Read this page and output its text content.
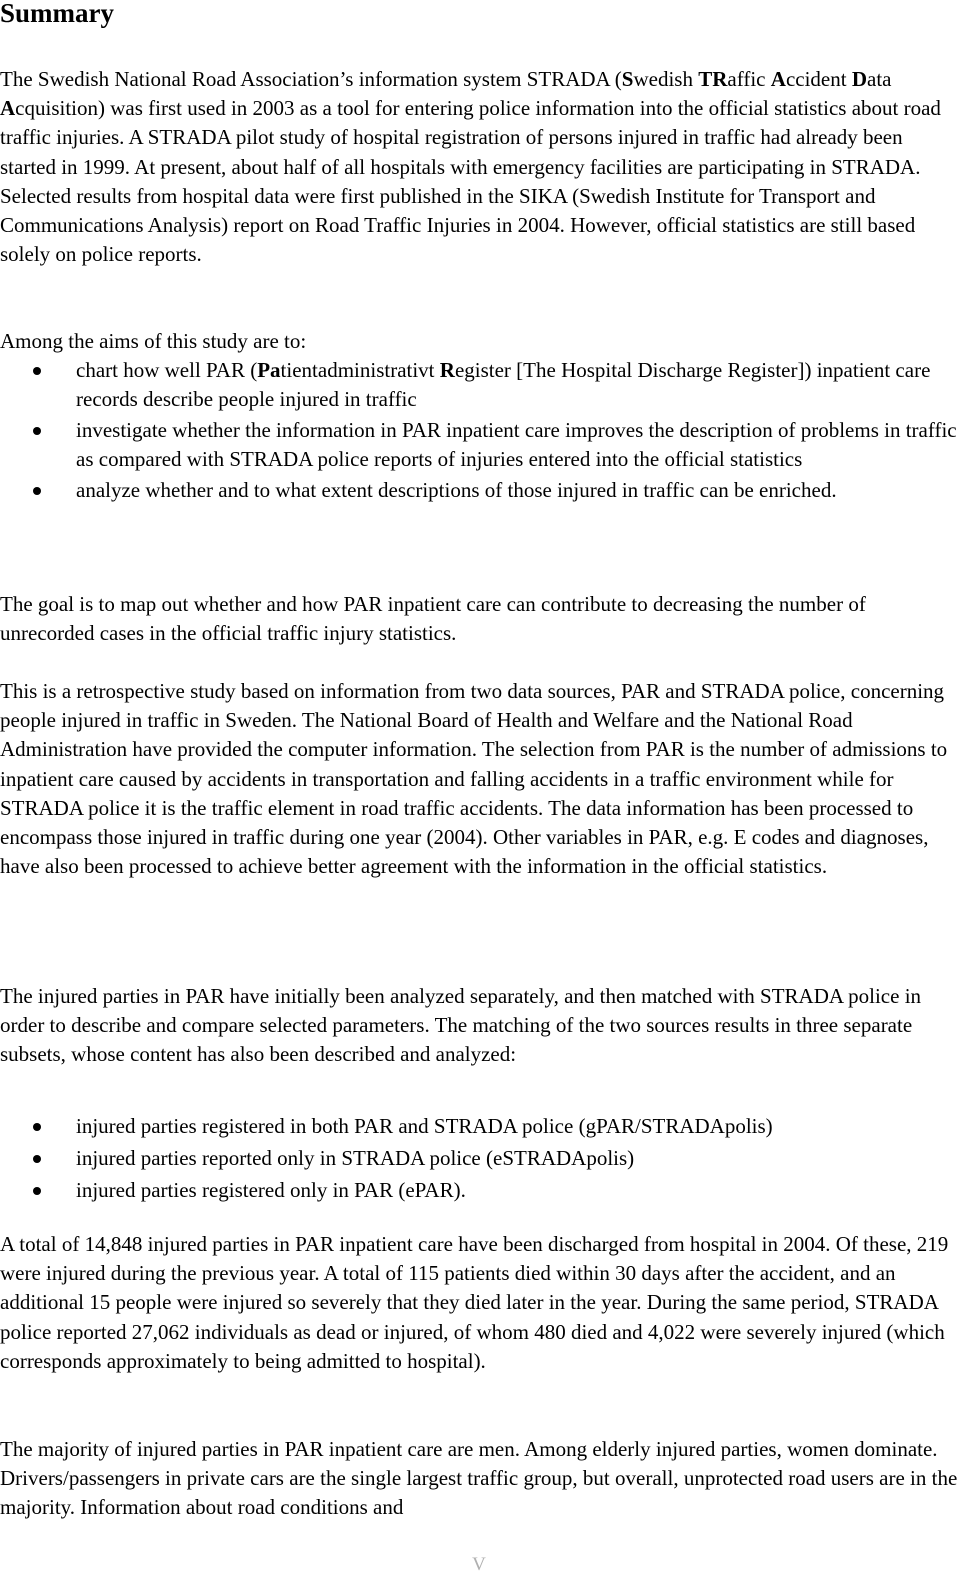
Summary

The Swedish National Road Association’s information system STRADA (Swedish TRaffic Accident Data Acquisition) was first used in 2003 as a tool for entering police information into the official statistics about road traffic injuries. A STRADA pilot study of hospital registration of persons injured in traffic had already been started in 1999. At present, about half of all hospitals with emergency facilities are participating in STRADA. Selected results from hospital data were first published in the SIKA (Swedish Institute for Transport and Communications Analysis) report on Road Traffic Injuries in 2004. However, official statistics are still based solely on police reports.

Among the aims of this study are to:

chart how well PAR (Patientadministrativt Register [The Hospital Discharge Register]) inpatient care records describe people injured in traffic
investigate whether the information in PAR inpatient care improves the description of problems in traffic as compared with STRADA police reports of injuries entered into the official statistics
analyze whether and to what extent descriptions of those injured in traffic can be enriched.

The goal is to map out whether and how PAR inpatient care can contribute to decreasing the number of unrecorded cases in the official traffic injury statistics.

This is a retrospective study based on information from two data sources, PAR and STRADA police, concerning people injured in traffic in Sweden. The National Board of Health and Welfare and the National Road Administration have provided the computer information. The selection from PAR is the number of admissions to inpatient care caused by accidents in transportation and falling accidents in a traffic environment while for STRADA police it is the traffic element in road traffic accidents. The data information has been processed to encompass those injured in traffic during one year (2004). Other variables in PAR, e.g. E codes and diagnoses, have also been processed to achieve better agreement with the information in the official statistics.

The injured parties in PAR have initially been analyzed separately, and then matched with STRADA police in order to describe and compare selected parameters. The matching of the two sources results in three separate subsets, whose content has also been described and analyzed:

injured parties registered in both PAR and STRADA police (gPAR/STRADApolis)
injured parties reported only in STRADA police (eSTRADApolis)
injured parties registered only in PAR (ePAR).

A total of 14,848 injured parties in PAR inpatient care have been discharged from hospital in 2004. Of these, 219 were injured during the previous year. A total of 115 patients died within 30 days after the accident, and an additional 15 people were injured so severely that they died later in the year. During the same period, STRADA police reported 27,062 individuals as dead or injured, of whom 480 died and 4,022 were severely injured (which corresponds approximately to being admitted to hospital).

The majority of injured parties in PAR inpatient care are men. Among elderly injured parties, women dominate. Drivers/passengers in private cars are the single largest traffic group, but overall, unprotected road users are in the majority. Information about road conditions and

V
